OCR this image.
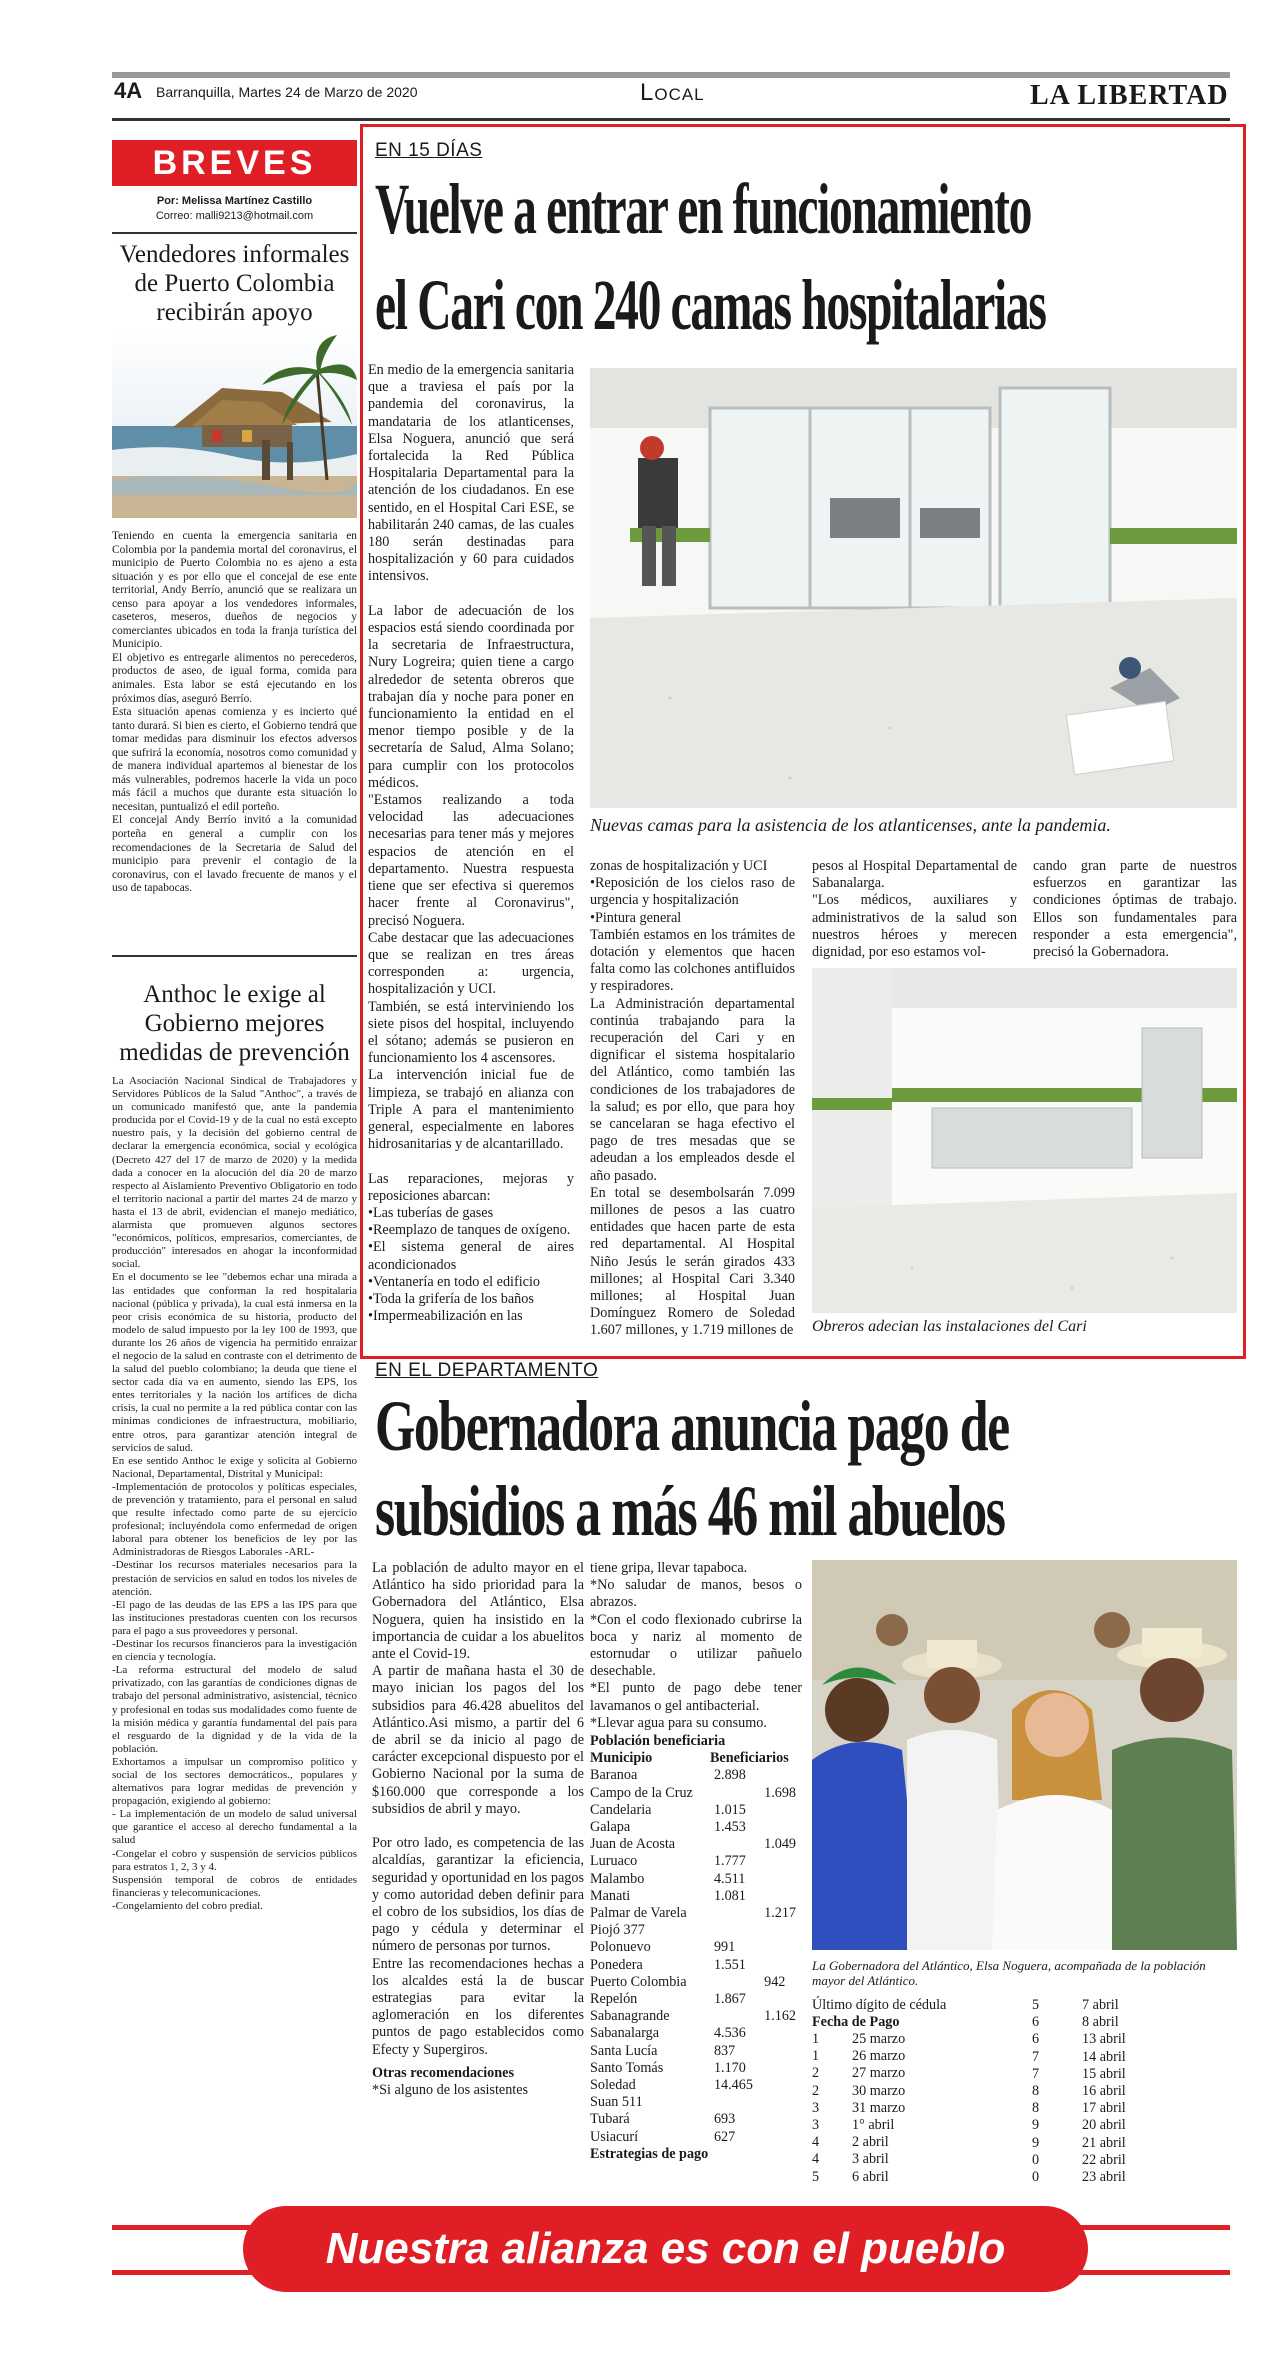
4A Barranquilla, Martes 24 de Marzo de 2020	Local	LA LIBERTAD
BREVES
Por: Melissa Martínez Castillo
Correo: malli9213@hotmail.com
Vendedores informales de Puerto Colombia recibirán apoyo
Teniendo en cuenta la emergencia sanitaria en Colombia por la pandemia mortal del coronavirus, el municipio de Puerto Colombia no es ajeno a esta situación y es por ello que el concejal de ese ente territorial, Andy Berrío, anunció que se realizara un censo para apoyar a los vendedores informales, caseteros, meseros, dueños de negocios y comerciantes ubicados en toda la franja turística del Municipio.
El objetivo es entregarle alimentos no perecederos, productos de aseo, de igual forma, comida para animales. Esta labor se está ejecutando en los próximos días, aseguró Berrío.
Esta situación apenas comienza y es incierto qué tanto durará. Si bien es cierto, el Gobierno tendrá que tomar medidas para disminuir los efectos adversos que sufrirá la economía, nosotros como comunidad y de manera individual apartemos al bienestar de los más vulnerables, podremos hacerle la vida un poco más fácil a muchos que durante esta situación lo necesitan, puntualizó el edil porteño.
El concejal Andy Berrío invitó a la comunidad porteña en general a cumplir con los recomendaciones de la Secretaria de Salud del municipio para prevenir el contagio de la coronavirus, con el lavado frecuente de manos y el uso de tapabocas.
Anthoc le exige al Gobierno mejores medidas de prevención
La Asociación Nacional Sindical de Trabajadores y Servidores Públicos de la Salud "Anthoc", a través de un comunicado manifestó que, ante la pandemia producida por el Covid-19 y de la cual no está excepto nuestro país, y la decisión del gobierno central de declarar la emergencia económica, social y ecológica (Decreto 427 del 17 de marzo de 2020) y la medida dada a conocer en la alocución del día 20 de marzo respecto al Aislamiento Preventivo Obligatorio en todo el territorio nacional a partir del martes 24 de marzo y hasta el 13 de abril, evidencian el manejo mediático, alarmista que promueven algunos sectores "económicos, políticos, empresarios, comerciantes, de producción" interesados en ahogar la inconformidad social.
En el documento se lee "debemos echar una mirada a las entidades que conforman la red hospitalaria nacional (pública y privada), la cual está inmersa en la peor crisis económica de su historia, producto del modelo de salud impuesto por la ley 100 de 1993, que durante los 26 años de vigencia ha permitido enraizar el negocio de la salud en contraste con el detrimento de la salud del pueblo colombiano; la deuda que tiene el sector cada día va en aumento, siendo las EPS, los entes territoriales y la nación los artífices de dicha crisis, la cual no permite a la red pública contar con las mínimas condiciones de infraestructura, mobiliario, entre otros, para garantizar atención integral de servicios de salud.
En ese sentido Anthoc le exige y solicita al Gobierno Nacional, Departamental, Distrital y Municipal:
-Implementación de protocolos y políticas especiales, de prevención y tratamiento, para el personal en salud que resulte infectado como parte de su ejercicio profesional; incluyéndola como enfermedad de origen laboral para obtener los beneficios de ley por las Administradoras de Riesgos Laborales -ARL-
-Destinar los recursos materiales necesarios para la prestación de servicios en salud en todos los niveles de atención.
-El pago de las deudas de las EPS a las IPS para que las instituciones prestadoras cuenten con los recursos para el pago a sus proveedores y personal.
-Destinar los recursos financieros para la investigación en ciencia y tecnología.
-La reforma estructural del modelo de salud privatizado, con las garantías de condiciones dignas de trabajo del personal administrativo, asistencial, técnico y profesional en todas sus modalidades como fuente de la misión médica y garantía fundamental del país para el resguardo de la dignidad y de la vida de la población.
Exhortamos a impulsar un compromiso político y social de los sectores democráticos., populares y alternativos para lograr medidas de prevención y propagación, exigiendo al gobierno:
- La implementación de un modelo de salud universal que garantice el acceso al derecho fundamental a la salud
-Congelar el cobro y suspensión de servicios públicos para estratos 1, 2, 3 y 4.
Suspensión temporal de cobros de entidades financieras y telecomunicaciones.
-Congelamiento del cobro predial.
EN 15 DÍAS
Vuelve a entrar en funcionamiento
el Cari con 240 camas hospitalarias
En medio de la emergencia sanitaria que a traviesa el país por la pandemia del coronavirus, la mandataria de los atlanticenses, Elsa Noguera, anunció que será fortalecida la Red Pública Hospitalaria Departamental para la atención de los ciudadanos. En ese sentido, en el Hospital Cari ESE, se habilitarán 240 camas, de las cuales 180 serán destinadas para hospitalización y 60 para cuidados intensivos.

La labor de adecuación de los espacios está siendo coordinada por la secretaria de Infraestructura, Nury Logreira; quien tiene a cargo alrededor de setenta obreros que trabajan día y noche para poner en funcionamiento la entidad en el menor tiempo posible y de la secretaría de Salud, Alma Solano; para cumplir con los protocolos médicos.
"Estamos realizando a toda velocidad las adecuaciones necesarias para tener más y mejores espacios de atención en el departamento. Nuestra respuesta tiene que ser efectiva si queremos hacer frente al Coronavirus", precisó Noguera.
Cabe destacar que las adecuaciones que se realizan en tres áreas corresponden a: urgencia, hospitalización y UCI.
También, se está interviniendo los siete pisos del hospital, incluyendo el sótano; además se pusieron en funcionamiento los 4 ascensores.
La intervención inicial fue de limpieza, se trabajó en alianza con Triple A para el mantenimiento general, especialmente en labores hidrosanitarias y de alcantarillado.

Las reparaciones, mejoras y reposiciones abarcan:
•Las tuberías de gases
•Reemplazo de tanques de oxígeno.
•El sistema general de aires acondicionados
•Ventanería en todo el edificio
•Toda la grifería de los baños
•Impermeabilización en las
Nuevas camas para la asistencia de los atlanticenses, ante la pandemia.
zonas de hospitalización y UCI
•Reposición de los cielos raso de urgencia y hospitalización
•Pintura general
También estamos en los trámites de dotación y elementos que hacen falta como las colchones antifluidos y respiradores.
La Administración departamental continúa trabajando para la recuperación del Cari y en dignificar el sistema hospitalario del Atlántico, como también las condiciones de los trabajadores de la salud; es por ello, que para hoy se cancelaran se haga efectivo el pago de tres mesadas que se adeudan a los empleados desde el año pasado.
En total se desembolsarán 7.099 millones de pesos a las cuatro entidades que hacen parte de esta red departamental. Al Hospital Niño Jesús le serán girados 433 millones; al Hospital Cari 3.340 millones; al Hospital Juan Domínguez Romero de Soledad 1.607 millones, y 1.719 millones de
pesos al Hospital Departamental de Sabanalarga.
"Los médicos, auxiliares y administrativos de la salud son nuestros héroes y merecen dignidad, por eso estamos vol-
cando gran parte de nuestros esfuerzos en garantizar las condiciones óptimas de trabajo. Ellos son fundamentales para responder a esta emergencia", precisó la Gobernadora.
Obreros adecian las instalaciones del Cari
EN EL DEPARTAMENTO
Gobernadora anuncia pago de
subsidios a más 46 mil abuelos
La población de adulto mayor en el Atlántico ha sido prioridad para la Gobernadora del Atlántico, Elsa Noguera, quien ha insistido en la importancia de cuidar a los abuelitos ante el Covid-19.
A partir de mañana hasta el 30 de mayo inician los pagos del los subsidios para 46.428 abuelitos del Atlántico.Asi mismo, a partir del 6 de abril se da inicio al pago de carácter excepcional dispuesto por el Gobierno Nacional por la suma de $160.000 que corresponde a los subsidios de abril y mayo.

Por otro lado, es competencia de las alcaldías, garantizar la eficiencia, seguridad y oportunidad en los pagos y como autoridad deben definir para el cobro de los subsidios, los días de pago y cédula y determinar el número de personas por turnos.
Entre las recomendaciones hechas a los alcaldes está la de buscar estrategias para evitar la aglomeración en los diferentes puntos de pago establecidos como Efecty y Supergiros.
Otras recomendaciones
*Si alguno de los asistentes
tiene gripa, llevar tapaboca.
*No saludar de manos, besos o abrazos.
*Con el codo flexionado cubrirse la boca y nariz al momento de estornudar o utilizar pañuelo desechable.
*El punto de pago debe tener lavamanos o gel antibacterial.
*Llevar agua para su consumo.
Población beneficiaria
Municipio	Beneficiarios	
Baranoa	2.898	
Campo de la Cruz		1.698
Candelaria	1.015	
Galapa	1.453	
Juan de Acosta		1.049
Luruaco	1.777	
Malambo	4.511	
Manati	1.081	
Palmar de Varela		1.217
Piojó 377		
Polonuevo	991	
Ponedera	1.551	
Puerto Colombia		942
Repelón	1.867	
Sabanagrande		1.162
Sabanalarga	4.536	
Santa Lucía	837	
Santo Tomás	1.170	
Soledad	14.465	
Suan 511		
Tubará	693	
Usiacurí	627	
Estrategias de pago
La Gobernadora del Atlántico, Elsa Noguera, acompañada de la población mayor del Atlántico.
Último dígito de cédula
Fecha de Pago
1	25 marzo
1	26 marzo
2	27 marzo
2	30 marzo
3	31 marzo
3	1° abril
4	2 abril
4	3 abril
5	6 abril
5	7 abril
6	8 abril
6	13 abril
7	14 abril
7	15 abril
8	16 abril
8	17 abril
9	20 abril
9	21 abril
0	22 abril
0	23 abril
Nuestra alianza es con el pueblo
